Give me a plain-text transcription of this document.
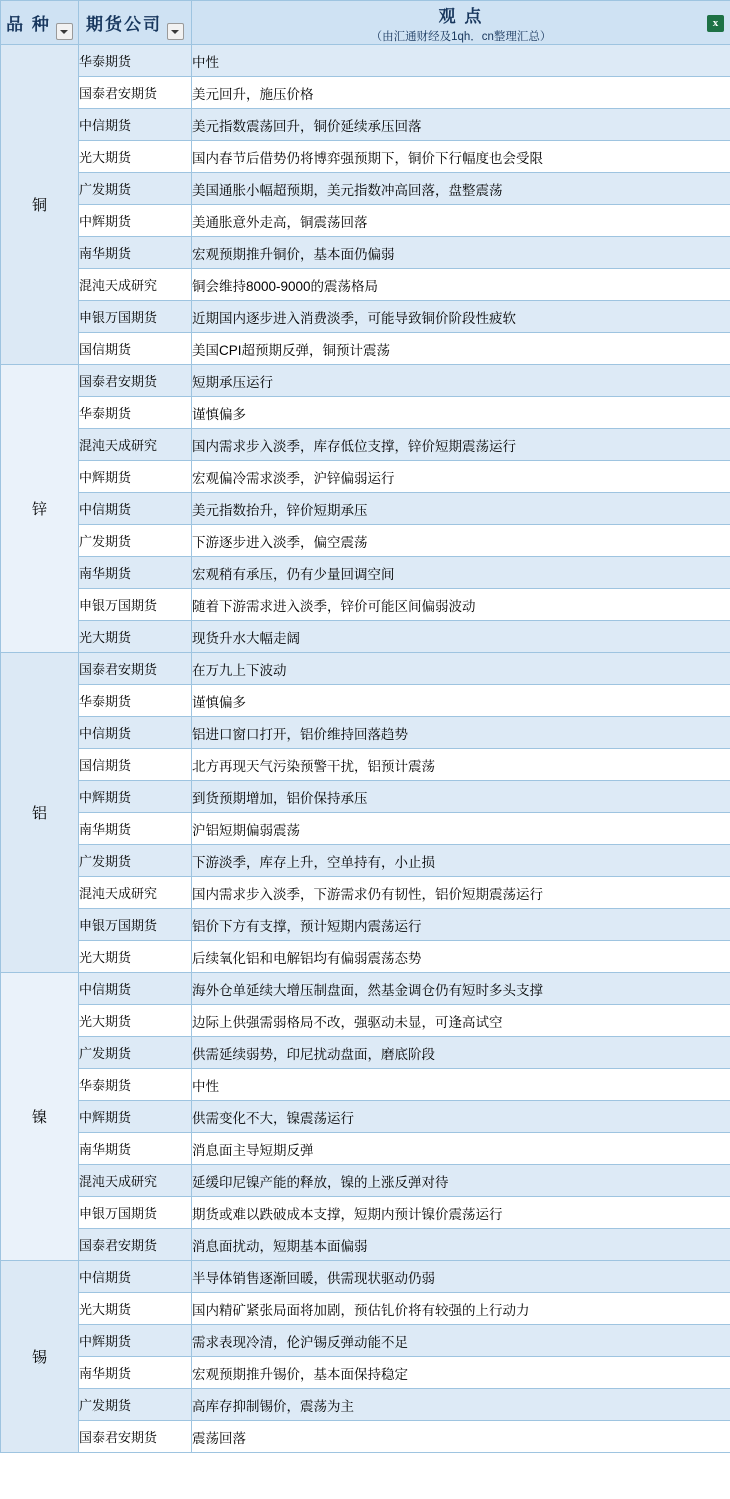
品 种	期货公司	观 点
（由汇通财经及1qh．cn整理汇总）
x

铜	华泰期货	中性
	国泰君安期货	美元回升，施压价格
	中信期货	美元指数震荡回升，铜价延续承压回落
	光大期货	国内春节后借势仍将博弈强预期下，铜价下行幅度也会受限
	广发期货	美国通胀小幅超预期，美元指数冲高回落，盘整震荡
	中辉期货	美通胀意外走高，铜震荡回落
	南华期货	宏观预期推升铜价，基本面仍偏弱
	混沌天成研究	铜会维持8000-9000的震荡格局
	申银万国期货	近期国内逐步进入消费淡季，可能导致铜价阶段性疲软
	国信期货	美国CPI超预期反弹，铜预计震荡
锌	国泰君安期货	短期承压运行
	华泰期货	谨慎偏多
	混沌天成研究	国内需求步入淡季，库存低位支撑，锌价短期震荡运行
	中辉期货	宏观偏冷需求淡季，沪锌偏弱运行
	中信期货	美元指数抬升，锌价短期承压
	广发期货	下游逐步进入淡季，偏空震荡
	南华期货	宏观稍有承压，仍有少量回调空间
	申银万国期货	随着下游需求进入淡季，锌价可能区间偏弱波动
	光大期货	现货升水大幅走阔
铝	国泰君安期货	在万九上下波动
	华泰期货	谨慎偏多
	中信期货	铝进口窗口打开，铝价维持回落趋势
	国信期货	北方再现天气污染预警干扰，铝预计震荡
	中辉期货	到货预期增加，铝价保持承压
	南华期货	沪铝短期偏弱震荡
	广发期货	下游淡季，库存上升，空单持有，小止损
	混沌天成研究	国内需求步入淡季，下游需求仍有韧性，铝价短期震荡运行
	申银万国期货	铝价下方有支撑，预计短期内震荡运行
	光大期货	后续氧化铝和电解铝均有偏弱震荡态势
镍	中信期货	海外仓单延续大增压制盘面，然基金调仓仍有短时多头支撑
	光大期货	边际上供强需弱格局不改，强驱动未显，可逢高试空
	广发期货	供需延续弱势，印尼扰动盘面，磨底阶段
	华泰期货	中性
	中辉期货	供需变化不大，镍震荡运行
	南华期货	消息面主导短期反弹
	混沌天成研究	延缓印尼镍产能的释放，镍的上涨反弹对待
	申银万国期货	期货或难以跌破成本支撑，短期内预计镍价震荡运行
	国泰君安期货	消息面扰动，短期基本面偏弱
锡	中信期货	半导体销售逐渐回暖，供需现状驱动仍弱
	光大期货	国内精矿紧张局面将加剧，预估钆价将有较强的上行动力
	中辉期货	需求表现冷清，伦沪锡反弹动能不足
	南华期货	宏观预期推升锡价，基本面保持稳定
	广发期货	高库存抑制锡价，震荡为主
	国泰君安期货	震荡回落
